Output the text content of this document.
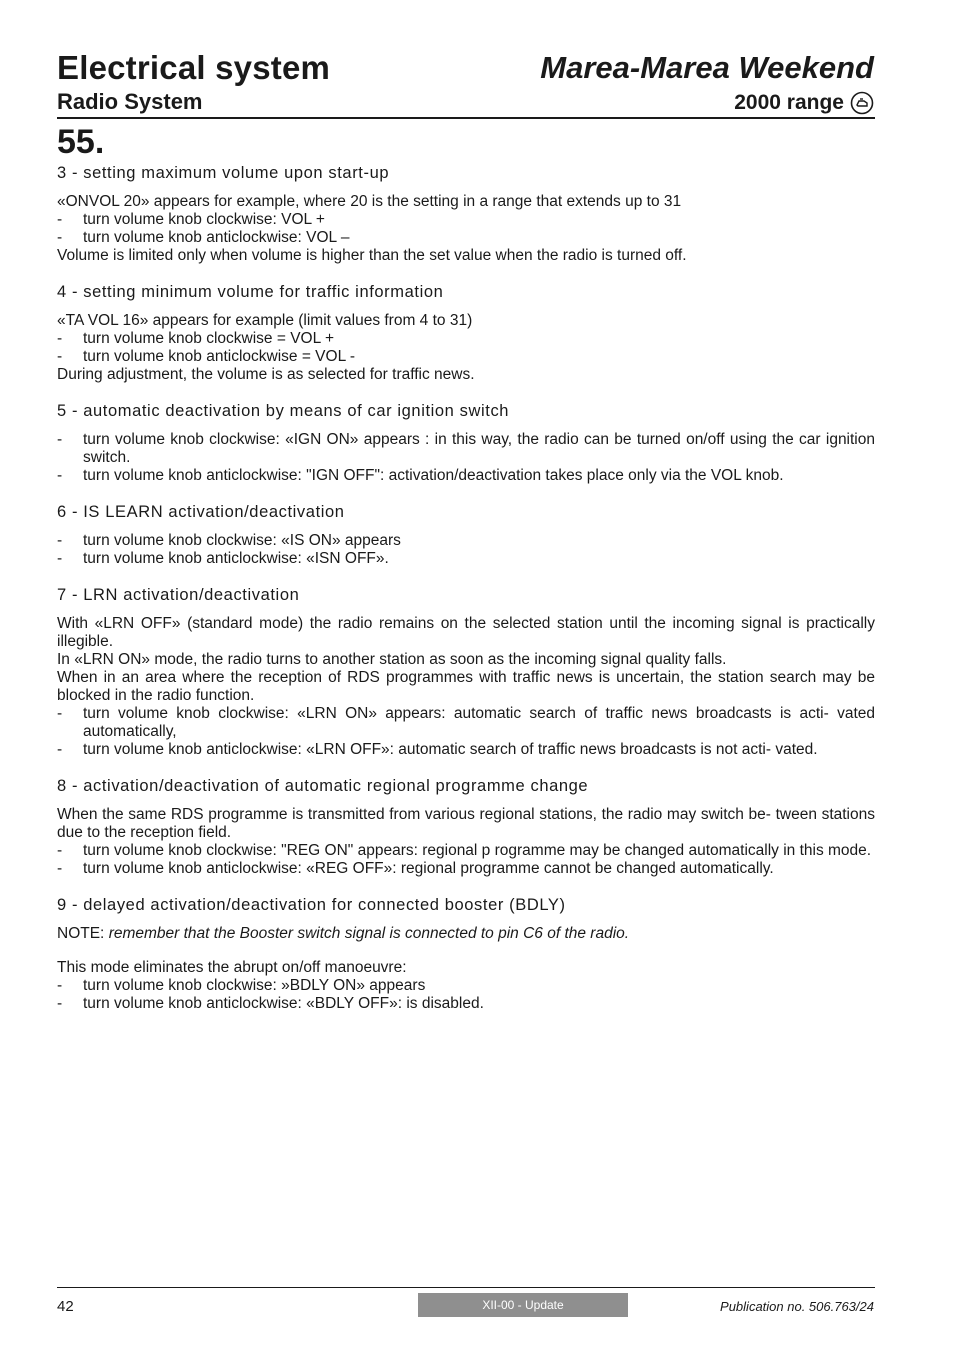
Electrical system
Radio System
Marea-Marea Weekend
2000 range
55.
3 - setting maximum volume upon start-up

«ONVOL 20» appears for example, where 20 is the setting in a range that extends up to 31

- turn volume knob clockwise: VOL +

- turn volume knob anticlockwise: VOL –

Volume is limited only when volume is higher than the set value when the radio is turned off.

4 - setting minimum volume for traffic information

«TA VOL 16» appears for example (limit values from 4 to 31)

- turn volume knob clockwise = VOL +

- turn volume knob anticlockwise = VOL -

During adjustment, the volume is as selected for traffic news.

5 - automatic deactivation by means of car ignition switch

- turn volume knob clockwise: «IGN ON» appears : in this way, the radio can be turned on/off using the car ignition switch.

- turn volume knob anticlockwise: "IGN OFF": activation/deactivation takes place only via the VOL knob.

6 - IS LEARN activation/deactivation

- turn volume knob clockwise: «IS ON» appears

- turn volume knob anticlockwise: «ISN OFF».

7 - LRN activation/deactivation

With «LRN OFF» (standard mode) the radio remains on the selected station until the incoming signal is practically illegible.

In «LRN ON» mode, the radio turns to another station as soon as the incoming signal quality falls.

When in an area where the reception of RDS programmes with traffic news is uncertain, the station search may be blocked in the radio function.

- turn volume knob clockwise: «LRN ON» appears: automatic search of traffic news broadcasts is acti- vated automatically,

- turn volume knob anticlockwise: «LRN OFF»: automatic search of traffic news broadcasts is not acti- vated.

8 - activation/deactivation of automatic regional programme change

When the same RDS programme is transmitted from various regional stations, the radio may switch be- tween stations due to the reception field.

- turn volume knob clockwise: "REG ON" appears: regional p rogramme may be changed automatically in this mode.

- turn volume knob anticlockwise: «REG OFF»: regional programme cannot be changed automatically.

9 - delayed activation/deactivation for connected booster (BDLY)

NOTE: remember that the Booster switch signal is connected to pin C6 of the radio.

This mode eliminates the abrupt on/off manoeuvre:

- turn volume knob clockwise: »BDLY ON» appears

- turn volume knob anticlockwise: «BDLY OFF»: is disabled.

42	XII-00 - Update	Publication no. 506.763/24
